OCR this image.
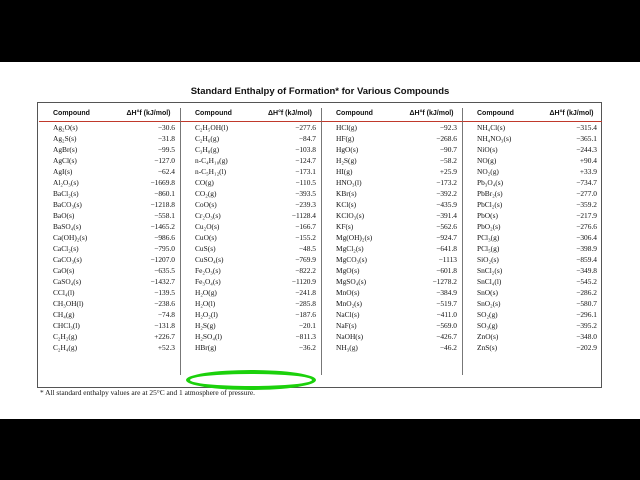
Standard Enthalpy of Formation* for Various Compounds
Compound	ΔH°f (kJ/mol)	Compound	ΔH°f (kJ/mol)	Compound	ΔH°f (kJ/mol)	Compound	ΔH°f (kJ/mol)
Ag₂O(s)	−30.6	C₂H₅OH(l)	−277.6	HCl(g)	−92.3	NH₄Cl(s)	−315.4
Ag₂S(s)	−31.8	C₂H₆(g)	−84.7	HF(g)	−268.6	NH₄NO₃(s)	−365.1
AgBr(s)	−99.5	C₃H₈(g)	−103.8	HgO(s)	−90.7	NiO(s)	−244.3
AgCl(s)	−127.0	n-C₄H₁₀(g)	−124.7	H₂S(g)	−58.2	NO(g)	+90.4
AgI(s)	−62.4	n-C₅H₁₂(l)	−173.1	HI(g)	+25.9	NO₂(g)	+33.9
Al₂O₃(s)	−1669.8	CO(g)	−110.5	HNO₃(l)	−173.2	Pb₃O₄(s)	−734.7
BaCl₂(s)	−860.1	CO₂(g)	−393.5	KBr(s)	−392.2	PbBr₂(s)	−277.0
BaCO₃(s)	−1218.8	CoO(s)	−239.3	KCl(s)	−435.9	PbCl₂(s)	−359.2
BaO(s)	−558.1	Cr₂O₃(s)	−1128.4	KClO₃(s)	−391.4	PbO(s)	−217.9
BaSO₄(s)	−1465.2	Cu₂O(s)	−166.7	KF(s)	−562.6	PbO₂(s)	−276.6
Ca(OH)₂(s)	−986.6	CuO(s)	−155.2	Mg(OH)₂(s)	−924.7	PCl₃(g)	−306.4
CaCl₂(s)	−795.0	CuS(s)	−48.5	MgCl₂(s)	−641.8	PCl₅(g)	−398.9
CaCO₃(s)	−1207.0	CuSO₄(s)	−769.9	MgCO₃(s)	−1113	SiO₂(s)	−859.4
CaO(s)	−635.5	Fe₂O₃(s)	−822.2	MgO(s)	−601.8	SnCl₂(s)	−349.8
CaSO₄(s)	−1432.7	Fe₃O₄(s)	−1120.9	MgSO₄(s)	−1278.2	SnCl₄(l)	−545.2
CCl₄(l)	−139.5	H₂O(g)	−241.8	MnO(s)	−384.9	SnO(s)	−286.2
CH₃OH(l)	−238.6	H₂O(l)	−285.8	MnO₂(s)	−519.7	SnO₂(s)	−580.7
CH₄(g)	−74.8	H₂O₂(l)	−187.6	NaCl(s)	−411.0	SO₂(g)	−296.1
CHCl₃(l)	−131.8	H₂S(g)	−20.1	NaF(s)	−569.0	SO₃(g)	−395.2
C₂H₂(g)	+226.7	H₂SO₄(l)	−811.3	NaOH(s)	−426.7	ZnO(s)	−348.0
C₂H₄(g)	+52.3	HBr(g)	−36.2	NH₃(g)	−46.2	ZnS(s)	−202.9
* All standard enthalpy values are at 25°C and 1 atmosphere of pressure.
